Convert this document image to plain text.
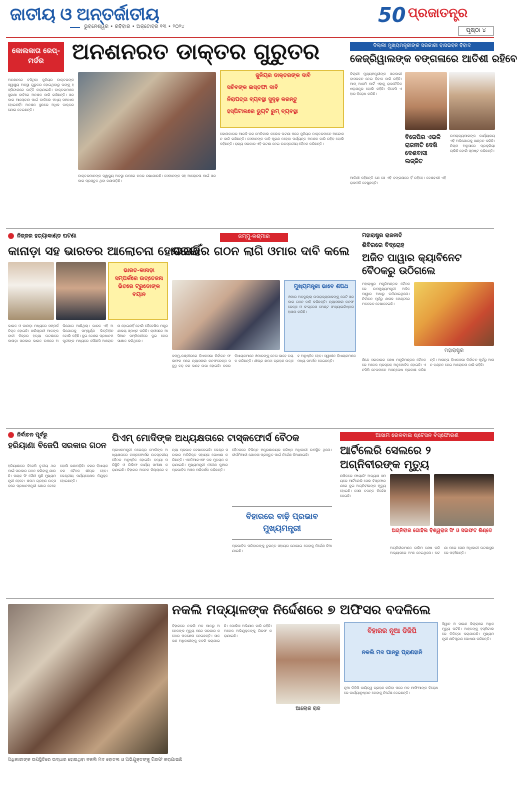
ଜାତୀୟ ଓ ଅନ୍ତର୍ଜାତୀୟ
ଭୁବନେଶ୍ୱର • ରବିବାର • ଅକ୍ଟୋବର ୧୩ • ୨୦୨୪	50 ପ୍ରଜାତନ୍ତ୍ର
ପୃଷ୍ଠା ୪
କୋଲକାତା ରେପ୍-ମର୍ଡର	ଅନଶନରତ ଡାକ୍ତର ଗୁରୁତର
ଅନଶନରେ ବସିଥିବା ଜୁନିୟର ଡାକ୍ତରଙ୍କ ସ୍ୱାସ୍ଥ୍ୟ ଅବସ୍ଥା ଗୁରୁତର ହୋଇଥିବାରୁ ତାଙ୍କୁ ହସ୍ପିଟାଲରେ ଭର୍ତ୍ତି କରାଯାଇଛି। ଡାକ୍ତରମାନେ ସୁରକ୍ଷା ଦାବିରେ ଅନଶନ ଜାରି ରଖିଛନ୍ତି। ସରକାର ଆଲୋଚନା ପାଇଁ ଡାକିଲେ ମଧ୍ୟ ସମାଧାନ ହୋଇନାହିଁ। ଅନଶନ ସ୍ଥଳରେ ଅଧିକ ଡାକ୍ତର ଯୋଗ ଦେଇଛନ୍ତି।
ଜୁନିୟର ଡାକ୍ତରଙ୍କ ଦାବି
ସଚିବଙ୍କ ଇସ୍ତଫା ଦାବି
ନିରାପତ୍ତା ବ୍ୟବସ୍ଥା ସୁଦୃଢ଼ କରନ୍ତୁ
ହସ୍ପିଟାଲରେ ଡ୍ୟୁଟି ରୁମ୍ ବ୍ୟବସ୍ଥା
କୋଲକାତାର ଆରଜି କର ମେଡିକାଲ କଲେଜ ଘଟଣା ପରେ ଜୁନିୟର ଡାକ୍ତରମାନେ ଆନ୍ଦୋଳନ ଜାରି ରଖିଛନ୍ତି। ସେମାନଙ୍କ ଦାବି ପୂରଣ ନହେବା ପର୍ଯ୍ୟନ୍ତ ଅନଶନ ଜାରି ରହିବ ବୋଲି କହିଛନ୍ତି। ରାଜ୍ୟ ସରକାର ଏହି ଘଟଣା ନେଇ ଉଚ୍ଚସ୍ତରୀୟ ବୈଠକ କରିଛନ୍ତି।
ଡାକ୍ତରମାନଙ୍କ ସ୍ୱାସ୍ଥ୍ୟ ଅବସ୍ଥା ଉପରେ ନଜର ରଖାଯାଉଛି। ସେମାନଙ୍କ ସହ ଆଲୋଚନା ପାଇଁ ସରକାର ପ୍ରସ୍ତୁତ ଥିବା ଜଣାପଡ଼ିଛି।
ଦିଲ୍ଲୀ ମୁଖ୍ୟମନ୍ତ୍ରୀଙ୍କ ସରକାରୀ ବାସଭବନ ବିବାଦ
କେଜ୍ରିୱାଲଙ୍କ ବଙ୍ଗଳାରେ ଆତିଶୀ ରହିବେ
ଦିଲ୍ଲୀ ମୁଖ୍ୟମନ୍ତ୍ରୀଙ୍କ ସରକାରୀ ବାସଭବନ ନେଇ ବିବାଦ ଜାରି ରହିଛି। ଆମ୍ ଆଦମି ପାର୍ଟି ଏହାକୁ ରାଜନୈତିକ ଷଡ଼ଯନ୍ତ୍ର ବୋଲି କହିଛି। ବିଜେପି ଏହାର ବିରୋଧ କରିଛି।
ବିଜେପିର ଏଭଳି ରାଜନୀତି ଦେଖି ଦେଶବାସୀ ଲଜ୍ଜିତ
ଉପରାଜ୍ୟପାଳଙ୍କ କାର୍ଯ୍ୟାଳୟ ଏହି ଅଭିଯୋଗକୁ ଖଣ୍ଡନ କରିଛି। ନିୟମ ଅନୁସାରେ ପ୍ରକ୍ରିୟା ଚାଲିଛି ବୋଲି ସ୍ପଷ୍ଟ କରିଛନ୍ତି।
ଆତିଶୀ କହିଛନ୍ତି ଯେ ସେ ଏହି ବଙ୍ଗଳାରେ ହିଁ ରହିବେ। ଦେଶବାସୀ ଏହି ରାଜନୀତି ଦେଖୁଛନ୍ତି।
ନିଜ୍ଜର ହତ୍ୟାକାଣ୍ଡ ଘଟଣା
କାନାଡ଼ା ସହ ଭାରତର ଆଲୋଚନା ହୋଇନାହିଁ
ଭାରତ-କାନାଡ଼ା ସମ୍ପର୍କରେ ଉତ୍ତେଜନା ଭିତରେ ଟ୍ରୁଡୋଙ୍କ ବୟାନ
ଭାରତ ଓ କାନାଡ଼ା ମଧ୍ୟରେ ସମ୍ପର୍କ ତିକ୍ତ ହୋଇଛି। ଖଲିସ୍ତାନୀ ଆତଙ୍କବାଦୀ ନିଜ୍ଜର ହତ୍ୟା ଘଟଣାରେ କାନାଡ଼ା ସରକାର ଭାରତ ଉପରେ ଅଭିଯୋଗ ଆଣିଥିଲା। ଭାରତ ଏହି ଅଭିଯୋଗକୁ ସମ୍ପୂର୍ଣ୍ଣ ଭିତ୍ତିହୀନ ବୋଲି କହିଛି। ଦୁଇ ଦେଶର ପ୍ରଧାନମନ୍ତ୍ରୀଙ୍କ ମଧ୍ୟରେ କୌଣସି ଆଲୋଚନା ହୋଇନାହିଁ ବୋଲି ବୈଦେଶିକ ମନ୍ତ୍ରଣାଳୟ ସ୍ପଷ୍ଟ କରିଛି। ଲାଓସରେ ଆସିଆନ ସମ୍ମିଳନୀରେ ଦୁଇ ନେତା ସାକ୍ଷାତ କରିଥିଲେ।
ଜମ୍ମୁ-କଶ୍ମୀର
ସରକାର ଗଠନ ଲାଗି ଓମାର ଦାବି କଲେ
ମୁଖ୍ୟମନ୍ତ୍ରୀ ଭାବେ ଶପଥ
ଓମାର ଅବଦୁଲ୍ଲା ଉପରାଜ୍ୟପାଳଙ୍କୁ ଭେଟି ସରକାର ଗଠନ ଦାବି କରିଛନ୍ତି। ନ୍ୟାସନାଲ କନଫରେନ୍ସ ଓ କଂଗ୍ରେସ ମେଣ୍ଟ ସଂଖ୍ୟାଗରିଷ୍ଠତା ହାସଲ କରିଛି।
ଜମ୍ମୁ-କଶ୍ମୀରରେ ବିଧାନସଭା ନିର୍ବାଚନ ଫଳାଫଳ ପରେ ନ୍ୟାସନାଲ କନଫରେନ୍ସ ସବୁଠୁ ବଡ଼ ଦଳ ଭାବେ ଉଭା ହୋଇଛି। ଦଳର ବିଧାୟକମାନେ ଓମାରଙ୍କୁ ନେତା ଭାବେ ଚୟନ କରିଛନ୍ତି। ଶୀଘ୍ର ଶପଥ ଗ୍ରହଣ ଉତ୍ସବ ଅନୁଷ୍ଠିତ ହେବ। ସ୍ୱାଧୀନ ବିଧାୟକମାନେ ମଧ୍ୟ ସମର୍ଥନ ଦେଇଛନ୍ତି।
ମହାରାଷ୍ଟ୍ର ରାଜନୀତି
ଶିବିରରେ ବିଦ୍ରୋହ
ଅଜିତ ପାୱାର କ୍ୟାବିନେଟ ବୈଠକରୁ ଉଠିଗଲେ
ମହାରାଷ୍ଟ୍ର ମନ୍ତ୍ରିମଣ୍ଡଳ ବୈଠକରେ ଉପମୁଖ୍ୟମନ୍ତ୍ରୀ ଅଜିତ ପାୱାର ଅଧାରୁ ଉଠିଯାଇଥିଲେ। ନିର୍ବାଚନ ପୂର୍ବରୁ ଶାସକ ମେଣ୍ଟରେ ମତଭେଦ ଦେଖାଦେଇଛି।
ମହାରାଷ୍ଟ୍ର
ଶିନ୍ଦେ ସରକାରର ଶେଷ ମନ୍ତ୍ରିମଣ୍ଡଳ ବୈଠକରେ ଅନେକ ପ୍ରସ୍ତାବ ଅନୁମୋଦିତ ହୋଇଛି। ଏନସିପି ନେତାମାନେ ଅସନ୍ତୋଷ ପ୍ରକାଶ କରିଛନ୍ତି। ଆସନ୍ତା ବିଧାନସଭା ନିର୍ବାଚନ ପୂର୍ବରୁ ଆସନ ବଣ୍ଟନ ନେଇ ଆଲୋଚନା ଜାରି ରହିଛି।
ନିର୍ବାଚନ ପୂର୍ବରୁ
ହରିୟାଣା ବିଜେପି ସରକାର ଗଠନ
ହରିୟାଣାରେ ବିଜେପି ତୃତୀୟ ଥର ପାଇଁ ସରକାର ଗଠନ କରିବାକୁ ଯାଉଛି। ନାୟବ ସିଂ ସୈନୀ ପୁଣି ମୁଖ୍ୟମନ୍ତ୍ରୀ ହେବେ। ଶପଥ ଗ୍ରହଣ ଉତ୍ସବରେ ପ୍ରଧାନମନ୍ତ୍ରୀ ଯୋଗ ଦେବେ ବୋଲି ଜଣାପଡ଼ିଛି। ଦଳର ବିଧାୟକ ଦଳ ବୈଠକ ଶୀଘ୍ର ହେବ। କେନ୍ଦ୍ରୀୟ ପର୍ଯ୍ୟବେକ୍ଷକ ନିଯୁକ୍ତ ହୋଇଛନ୍ତି।
ପିଏମ୍ ମୋଦିଙ୍କ ଅଧ୍ୟକ୍ଷତାରେ ଟାସ୍କଫୋର୍ସ ବୈଠକ
ପ୍ରଧାନମନ୍ତ୍ରୀ ନରେନ୍ଦ୍ର ମୋଦିଙ୍କ ଅଧ୍ୟକ୍ଷତାରେ ଟାସ୍କଫୋର୍ସର ଉଚ୍ଚସ୍ତରୀୟ ବୈଠକ ଅନୁଷ୍ଠିତ ହୋଇଛି। ବନ୍ୟା ପରିସ୍ଥିତି ଓ ରିଲିଫ କାର୍ଯ୍ୟ ସମୀକ୍ଷା କରାଯାଇଛି। ବିହାରର ଅନେକ ଜିଲ୍ଲାରେ ବନ୍ୟା ପ୍ରଭାବ ଦେଖାଦେଇଛି। କେନ୍ଦ୍ର ସରକାର ଅତିରିକ୍ତ ସହାୟତା ଘୋଷଣା କରିଛନ୍ତି। ଏନଡିଆରଏଫ ଦଳ ମୁତୟନ କରାଯାଇଛି। ମୁଖ୍ୟମନ୍ତ୍ରୀ ନୀତୀଶ କୁମାର ପ୍ରଭାବିତ ଅଞ୍ଚଳ ପରିଦର୍ଶନ କରିଛନ୍ତି।
ବିହାରରେ ବାଢ଼ି ପ୍ରଭାବ ମୁଖ୍ୟମନ୍ତ୍ରୀ
ବୈଠକରେ ବିଭିନ୍ନ ମନ୍ତ୍ରଣାଳୟର ବରିଷ୍ଠ ଅଧିକାରୀ ଉପସ୍ଥିତ ଥିଲେ। ଦୀର୍ଘମିଆଦୀ ଯୋଜନା ପ୍ରସ୍ତୁତ ପାଇଁ ନିର୍ଦ୍ଦେଶ ଦିଆଯାଇଛି।
ପ୍ରଭାବିତ ପରିବାରଙ୍କୁ ତୁରନ୍ତ ସହାୟତା ଯୋଗାଇ ଦେବାକୁ ନିର୍ଦ୍ଦେଶ ଦିଆଯାଇଛି।
ଆସାମ ରେଳବାଇ ଷ୍ଟେସନ ବିସ୍ଫୋରଣ
ଆର୍ଟିଲେରି ସେଲରେ ୨ ଅଗ୍ନିବୀରଙ୍କ ମୃତ୍ୟୁ
ନାସିକରେ ଫାୟାରିଂ ଅଭ୍ୟାସ ସମୟରେ ଆର୍ଟିଲେରି ସେଲ ବିସ୍ଫୋରଣରେ ଦୁଇ ଅଗ୍ନିବୀରଙ୍କ ମୃତ୍ୟୁ ହୋଇଛି। ସେନା ତଦନ୍ତ ନିର୍ଦ୍ଦେଶ ଦେଇଛି।
ଅଗ୍ନିବୀର ଗୋହିଲ ବିଶ୍ୱରାଜ ସିଂ ଓ ସଇଫତ ଶିଣ୍ଡେ
ଅଗ୍ନିବୀରମାନେ ତାଲିମ ଶେଷ କରି ଅଭ୍ୟାସରେ ଅଂଶ ନେଇଥିଲେ। ଘଟଣା ପରେ ସେନା ଅଧିକାରୀ ଘଟଣାସ୍ଥଳରେ ପହଞ୍ଚିଛନ୍ତି।
ନକଲି ମଦ୍ୟାଳଙ୍କ ନିର୍ଦ୍ଦେଶରେ ୭ ଅଫିସର ବଦଳିଲେ
ବିହାରରେ ନକଲି ମଦ ପାନରୁ ଅନେକଙ୍କ ମୃତ୍ୟୁ ପରେ ସରକାର କଠୋର ପଦକ୍ଷେପ ନେଇଛନ୍ତି। ସାତ ଜଣ ଅଧିକାରୀଙ୍କୁ ବଦଳି କରାଯାଇଛି। ପୋଲିସ ଅଭିଯାନ ଜାରି ରହିଛି। ଅନେକ ଅଭିଯୁକ୍ତଙ୍କୁ ଗିରଫ କରାଯାଇଛି।
ଆଲୋକ ରାଜ
ବିହାରର ନୂଆ ଡିଜିପି
ନକଲି ମଦ ପାନରୁ ପ୍ରାଣହାନି
ନୂଆ ଡିଜିପି ଦାୟିତ୍ୱ ଗ୍ରହଣ କରିବା ପରେ ମଦ ମାଫିଆଙ୍କ ବିରୋଧରେ କାର୍ଯ୍ୟାନୁଷ୍ଠାନ ନେବାକୁ ନିର୍ଦ୍ଦେଶ ଦେଇଛନ୍ତି।
ସିୱାନ ଓ ସାରଣ ଜିଲ୍ଲାରେ ଅଧିକ ମୃତ୍ୟୁ ଘଟିଛି। ଆହତଙ୍କୁ ହସ୍ପିଟାଲରେ ଚିକିତ୍ସା କରାଯାଉଛି। ମୁଖ୍ୟମନ୍ତ୍ରୀ କ୍ଷତିପୂରଣ ଘୋଷଣା କରିଛନ୍ତି।
ଅଧିକାରୀଙ୍କ ଉପସ୍ଥିତିରେ ଉଦ୍ଧାର ହୋଇଥିବା ନକଲି ମଦ ବୋତଲ ଓ ଅଭିଯୁକ୍ତଙ୍କୁ ଗିରଫ କରାଯାଇଛି
